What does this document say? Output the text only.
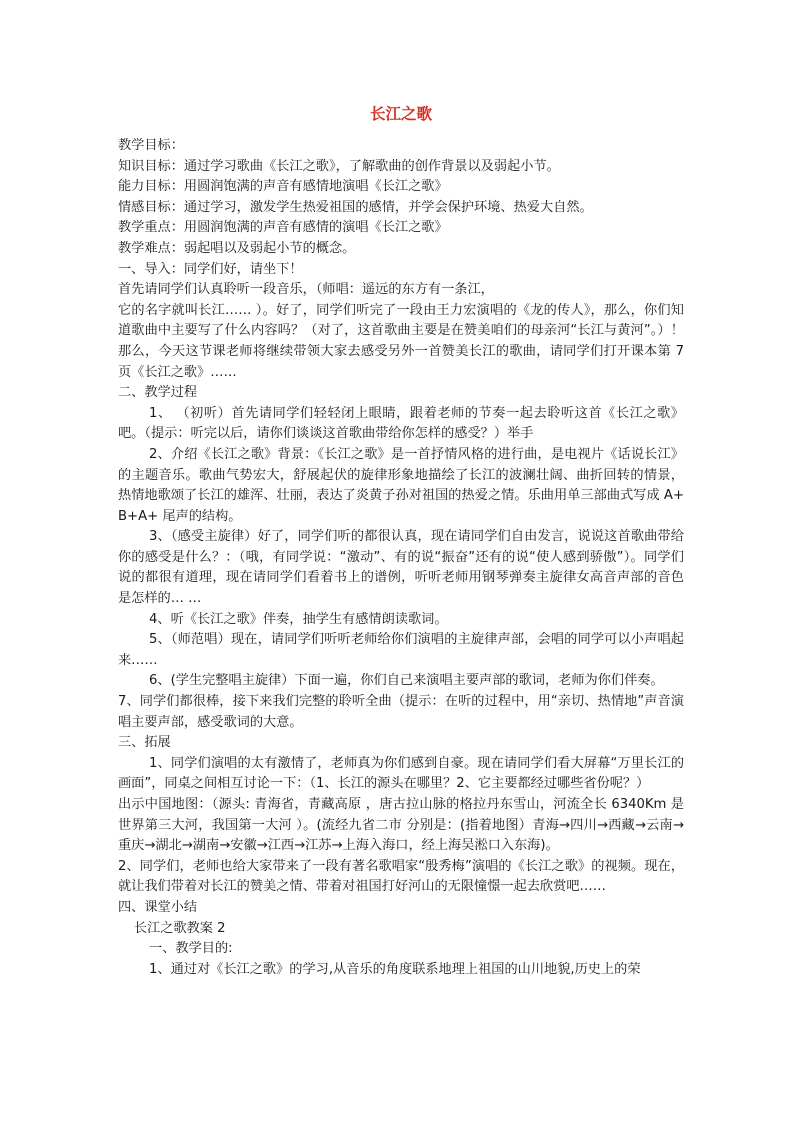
长江之歌

教学目标：

知识目标：通过学习歌曲《长江之歌》，了解歌曲的创作背景以及弱起小节。

能力目标：用圆润饱满的声音有感情地演唱《长江之歌》

情感目标：通过学习，激发学生热爱祖国的感情，并学会保护环境、热爱大自然。

教学重点：用圆润饱满的声音有感情的演唱《长江之歌》

教学难点：弱起唱以及弱起小节的概念。

一、导入：同学们好，请坐下！

首先请同学们认真聆听一段音乐，（师唱：遥远的东方有一条江，

它的名字就叫长江…… ）。好了，同学们听完了一段由王力宏演唱的《龙的传人》，那么，你们知道歌曲中主要写了什么内容吗？（对了，这首歌曲主要是在赞美咱们的母亲河“长江与黄河”。）！那么，今天这节课老师将继续带领大家去感受另外一首赞美长江的歌曲，请同学们打开课本第 7 页《长江之歌》……

二、教学过程

1、 （初听）首先请同学们轻轻闭上眼睛，跟着老师的节奏一起去聆听这首《长江之歌》吧。（提示：听完以后，请你们谈谈这首歌曲带给你怎样的感受？）举手

2、介绍《长江之歌》背景：《长江之歌》是一首抒情风格的进行曲，是电视片《话说长江》的主题音乐。歌曲气势宏大，舒展起伏的旋律形象地描绘了长江的波澜壮阔、曲折回转的情景，热情地歌颂了长江的雄浑、壮丽，表达了炎黄子孙对祖国的热爱之情。乐曲用单三部曲式写成 A+B+A+ 尾声的结构。

3、（感受主旋律）好了，同学们听的都很认真，现在请同学们自由发言，说说这首歌曲带给你的感受是什么？：（哦，有同学说：“激动”、有的说“振奋”还有的说“使人感到骄傲”）。同学们说的都很有道理，现在请同学们看着书上的谱例，听听老师用钢琴弹奏主旋律女高音声部的音色是怎样的… …

4、听《长江之歌》伴奏，抽学生有感情朗读歌词。

5、（师范唱）现在，请同学们听听老师给你们演唱的主旋律声部，会唱的同学可以小声唱起来……

6、(学生完整唱主旋律）下面一遍，你们自己来演唱主要声部的歌词，老师为你们伴奏。

7、同学们都很棒，接下来我们完整的聆听全曲（提示：在听的过程中，用“亲切、热情地”声音演唱主要声部，感受歌词的大意。

三、拓展

1、同学们演唱的太有激情了，老师真为你们感到自豪。现在请同学们看大屏幕“万里长江的画面”，同桌之间相互讨论一下：（1、长江的源头在哪里？2、它主要都经过哪些省份呢？）

出示中国地图：（源头: 青海省，青藏高原 ，唐古拉山脉的格拉丹东雪山，河流全长 6340Km 是世界第三大河，我国第一大河 ）。(流经九省二市 分别是：(指着地图）青海→四川→西藏→云南→重庆→湖北→湖南→安徽→江西→江苏→上海入海口，经上海吴淞口入东海)。

2、同学们，老师也给大家带来了一段有著名歌唱家“殷秀梅”演唱的《长江之歌》的视频。现在，就让我们带着对长江的赞美之情、带着对祖国打好河山的无限憧憬一起去欣赏吧……

四、课堂小结

长江之歌教案 2

一、教学目的:

1、通过对《长江之歌》的学习,从音乐的角度联系地理上祖国的山川地貌,历史上的荣
